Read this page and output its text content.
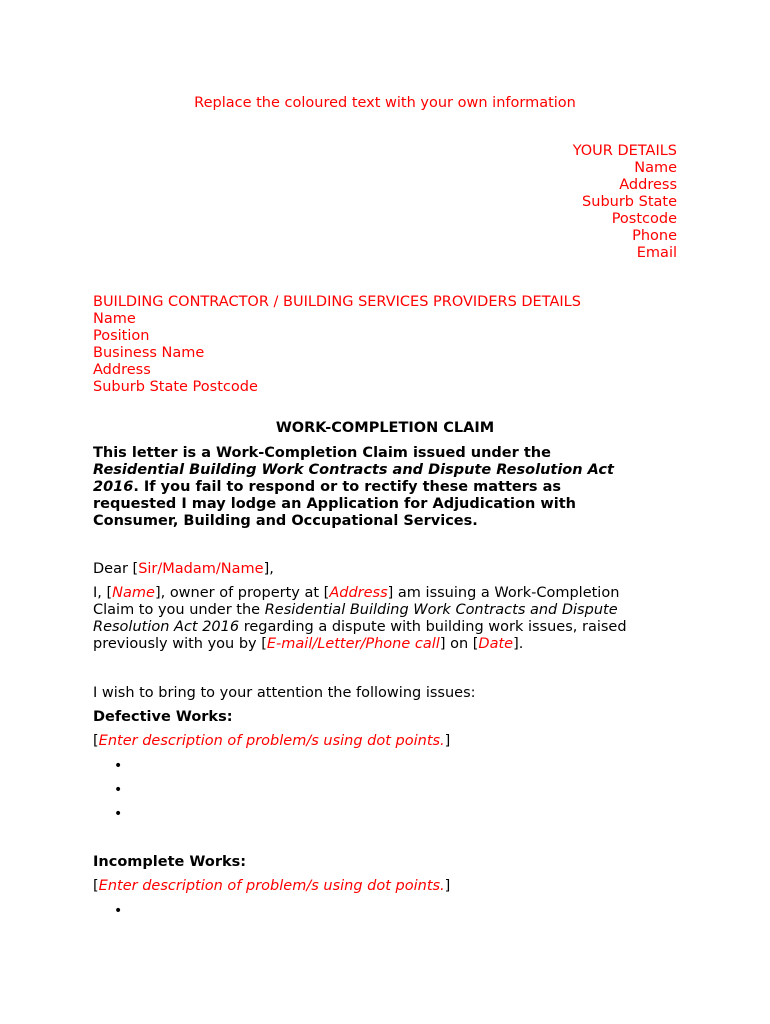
Replace the coloured text with your own information
YOUR DETAILS
Name
Address
Suburb State
Postcode
Phone
Email
BUILDING CONTRACTOR / BUILDING SERVICES PROVIDERS DETAILS
Name
Position
Business Name
Address
Suburb State Postcode
WORK-COMPLETION CLAIM
This letter is a Work-Completion Claim issued under the
Residential Building Work Contracts and Dispute Resolution Act
2016. If you fail to respond or to rectify these matters as
requested I may lodge an Application for Adjudication with
Consumer, Building and Occupational Services.
Dear [Sir/Madam/Name],
I, [Name], owner of property at [Address] am issuing a Work-Completion
Claim to you under the Residential Building Work Contracts and Dispute
Resolution Act 2016 regarding a dispute with building work issues, raised
previously with you by [E-mail/Letter/Phone call] on [Date].
I wish to bring to your attention the following issues:
Defective Works:
[Enter description of problem/s using dot points.]
•
•
•
Incomplete Works:
[Enter description of problem/s using dot points.]
•
